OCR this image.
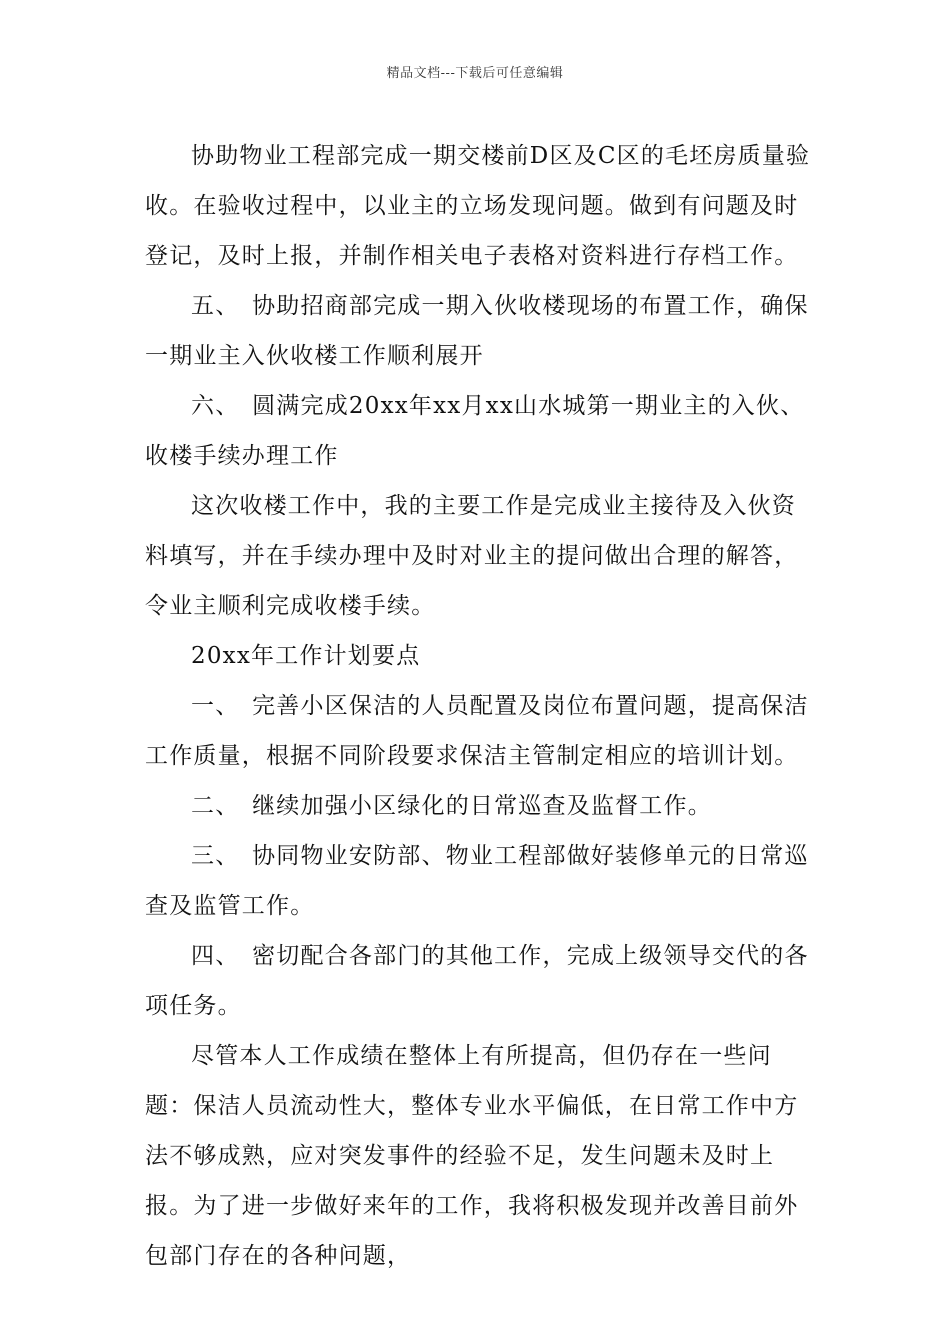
精品文档---下载后可任意编辑

协助物业工程部完成一期交楼前D区及C区的毛坯房质量验收。在验收过程中，以业主的立场发现问题。做到有问题及时登记，及时上报，并制作相关电子表格对资料进行存档工作。

五、　协助招商部完成一期入伙收楼现场的布置工作，确保一期业主入伙收楼工作顺利展开

六、　圆满完成20xx年xx月xx山水城第一期业主的入伙、收楼手续办理工作

这次收楼工作中，我的主要工作是完成业主接待及入伙资料填写，并在手续办理中及时对业主的提问做出合理的解答，令业主顺利完成收楼手续。

20xx年工作计划要点

一、　完善小区保洁的人员配置及岗位布置问题，提高保洁工作质量，根据不同阶段要求保洁主管制定相应的培训计划。

二、　继续加强小区绿化的日常巡查及监督工作。

三、　协同物业安防部、物业工程部做好装修单元的日常巡查及监管工作。

四、　密切配合各部门的其他工作，完成上级领导交代的各项任务。

尽管本人工作成绩在整体上有所提高，但仍存在一些问题：保洁人员流动性大，整体专业水平偏低，在日常工作中方法不够成熟，应对突发事件的经验不足，发生问题未及时上报。为了进一步做好来年的工作，我将积极发现并改善目前外包部门存在的各种问题，
